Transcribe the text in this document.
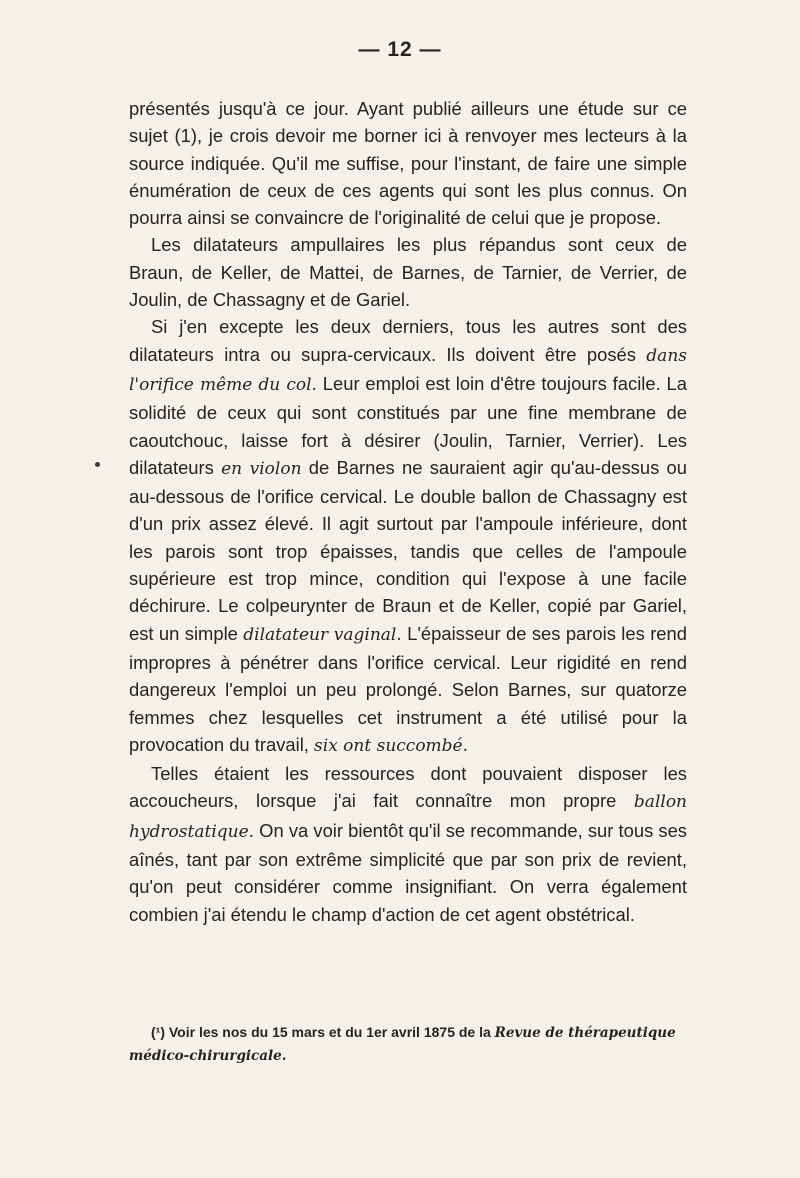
— 12 —

présentés jusqu'à ce jour. Ayant publié ailleurs une étude sur ce sujet (1), je crois devoir me borner ici à renvoyer mes lecteurs à la source indiquée. Qu'il me suffise, pour l'instant, de faire une simple énumération de ceux de ces agents qui sont les plus connus. On pourra ainsi se convaincre de l'originalité de celui que je propose.

Les dilatateurs ampullaires les plus répandus sont ceux de Braun, de Keller, de Mattei, de Barnes, de Tarnier, de Verrier, de Joulin, de Chassagny et de Gariel.

Si j'en excepte les deux derniers, tous les autres sont des dilatateurs intra ou supra-cervicaux. Ils doivent être posés dans l'orifice même du col. Leur emploi est loin d'être toujours facile. La solidité de ceux qui sont constitués par une fine membrane de caoutchouc, laisse fort à désirer (Joulin, Tarnier, Verrier). Les dilatateurs en violon de Barnes ne sauraient agir qu'au-dessus ou au-dessous de l'orifice cervical. Le double ballon de Chassagny est d'un prix assez élevé. Il agit surtout par l'ampoule inférieure, dont les parois sont trop épaisses, tandis que celles de l'ampoule supérieure est trop mince, condition qui l'expose à une facile déchirure. Le colpeurynter de Braun et de Keller, copié par Gariel, est un simple dilatateur vaginal. L'épaisseur de ses parois les rend impropres à pénétrer dans l'orifice cervical. Leur rigidité en rend dangereux l'emploi un peu prolongé. Selon Barnes, sur quatorze femmes chez lesquelles cet instrument a été utilisé pour la provocation du travail, six ont succombé.

Telles étaient les ressources dont pouvaient disposer les accoucheurs, lorsque j'ai fait connaître mon propre ballon hydrostatique. On va voir bientôt qu'il se recommande, sur tous ses aînés, tant par son extrême simplicité que par son prix de revient, qu'on peut considérer comme insignifiant. On verra également combien j'ai étendu le champ d'action de cet agent obstétrical.

(¹) Voir les nos du 15 mars et du 1er avril 1875 de la Revue de thérapeutique médico-chirurgicale.
